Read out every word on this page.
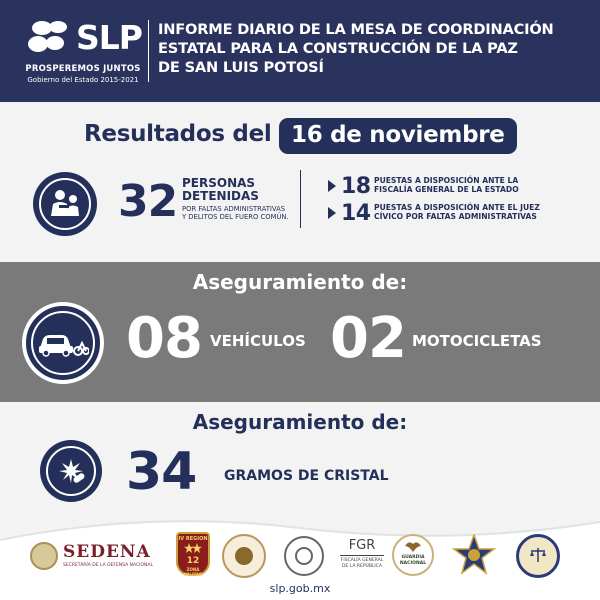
SLP
PROSPEREMOS JUNTOS
Gobierno del Estado 2015-2021
INFORME DIARIO DE LA MESA DE COORDINACIÓN
ESTATAL PARA LA CONSTRUCCIÓN DE LA PAZ
DE SAN LUIS POTOSÍ
Resultados del 16 de noviembre
32 PERSONAS
DETENIDAS
POR FALTAS ADMINISTRATIVAS
Y DELITOS DEL FUERO COMÚN.
18 PUESTAS A DISPOSICIÓN ANTE LA
FISCALÍA GENERAL DE LA ESTADO
14 PUESTAS A DISPOSICIÓN ANTE EL JUEZ
CÍVICO POR FALTAS ADMINISTRATIVAS
Aseguramiento de:
08 VEHÍCULOS 02 MOTOCICLETAS
Aseguramiento de:
34 GRAMOS DE CRISTAL
SEDENA
SECRETARÍA DE LA DEFENSA NACIONAL
IV REGION
12
ZONA MILITAR
FGR
FISCALÍA GENERAL
DE LA REPÚBLICA
GUARDIA
NACIONAL
slp.gob.mx
